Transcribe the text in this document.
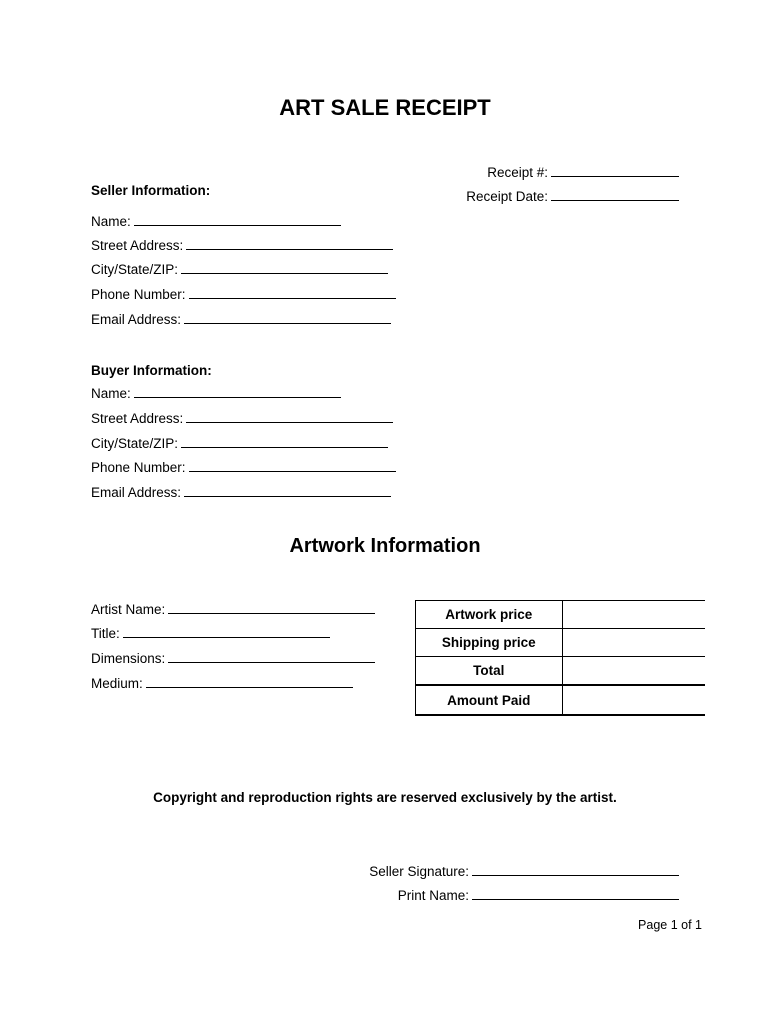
ART SALE RECEIPT
Receipt #:
Receipt Date:
Seller Information:
Name:
Street Address:
City/State/ZIP:
Phone Number:
Email Address:
Buyer Information:
Name:
Street Address:
City/State/ZIP:
Phone Number:
Email Address:
Artwork Information
Artist Name:
Title:
Dimensions:
Medium:
Artwork price	
Shipping price	
Total	
Amount Paid	
Copyright and reproduction rights are reserved exclusively by the artist.
Seller Signature:
Print Name:
Page 1 of 1
